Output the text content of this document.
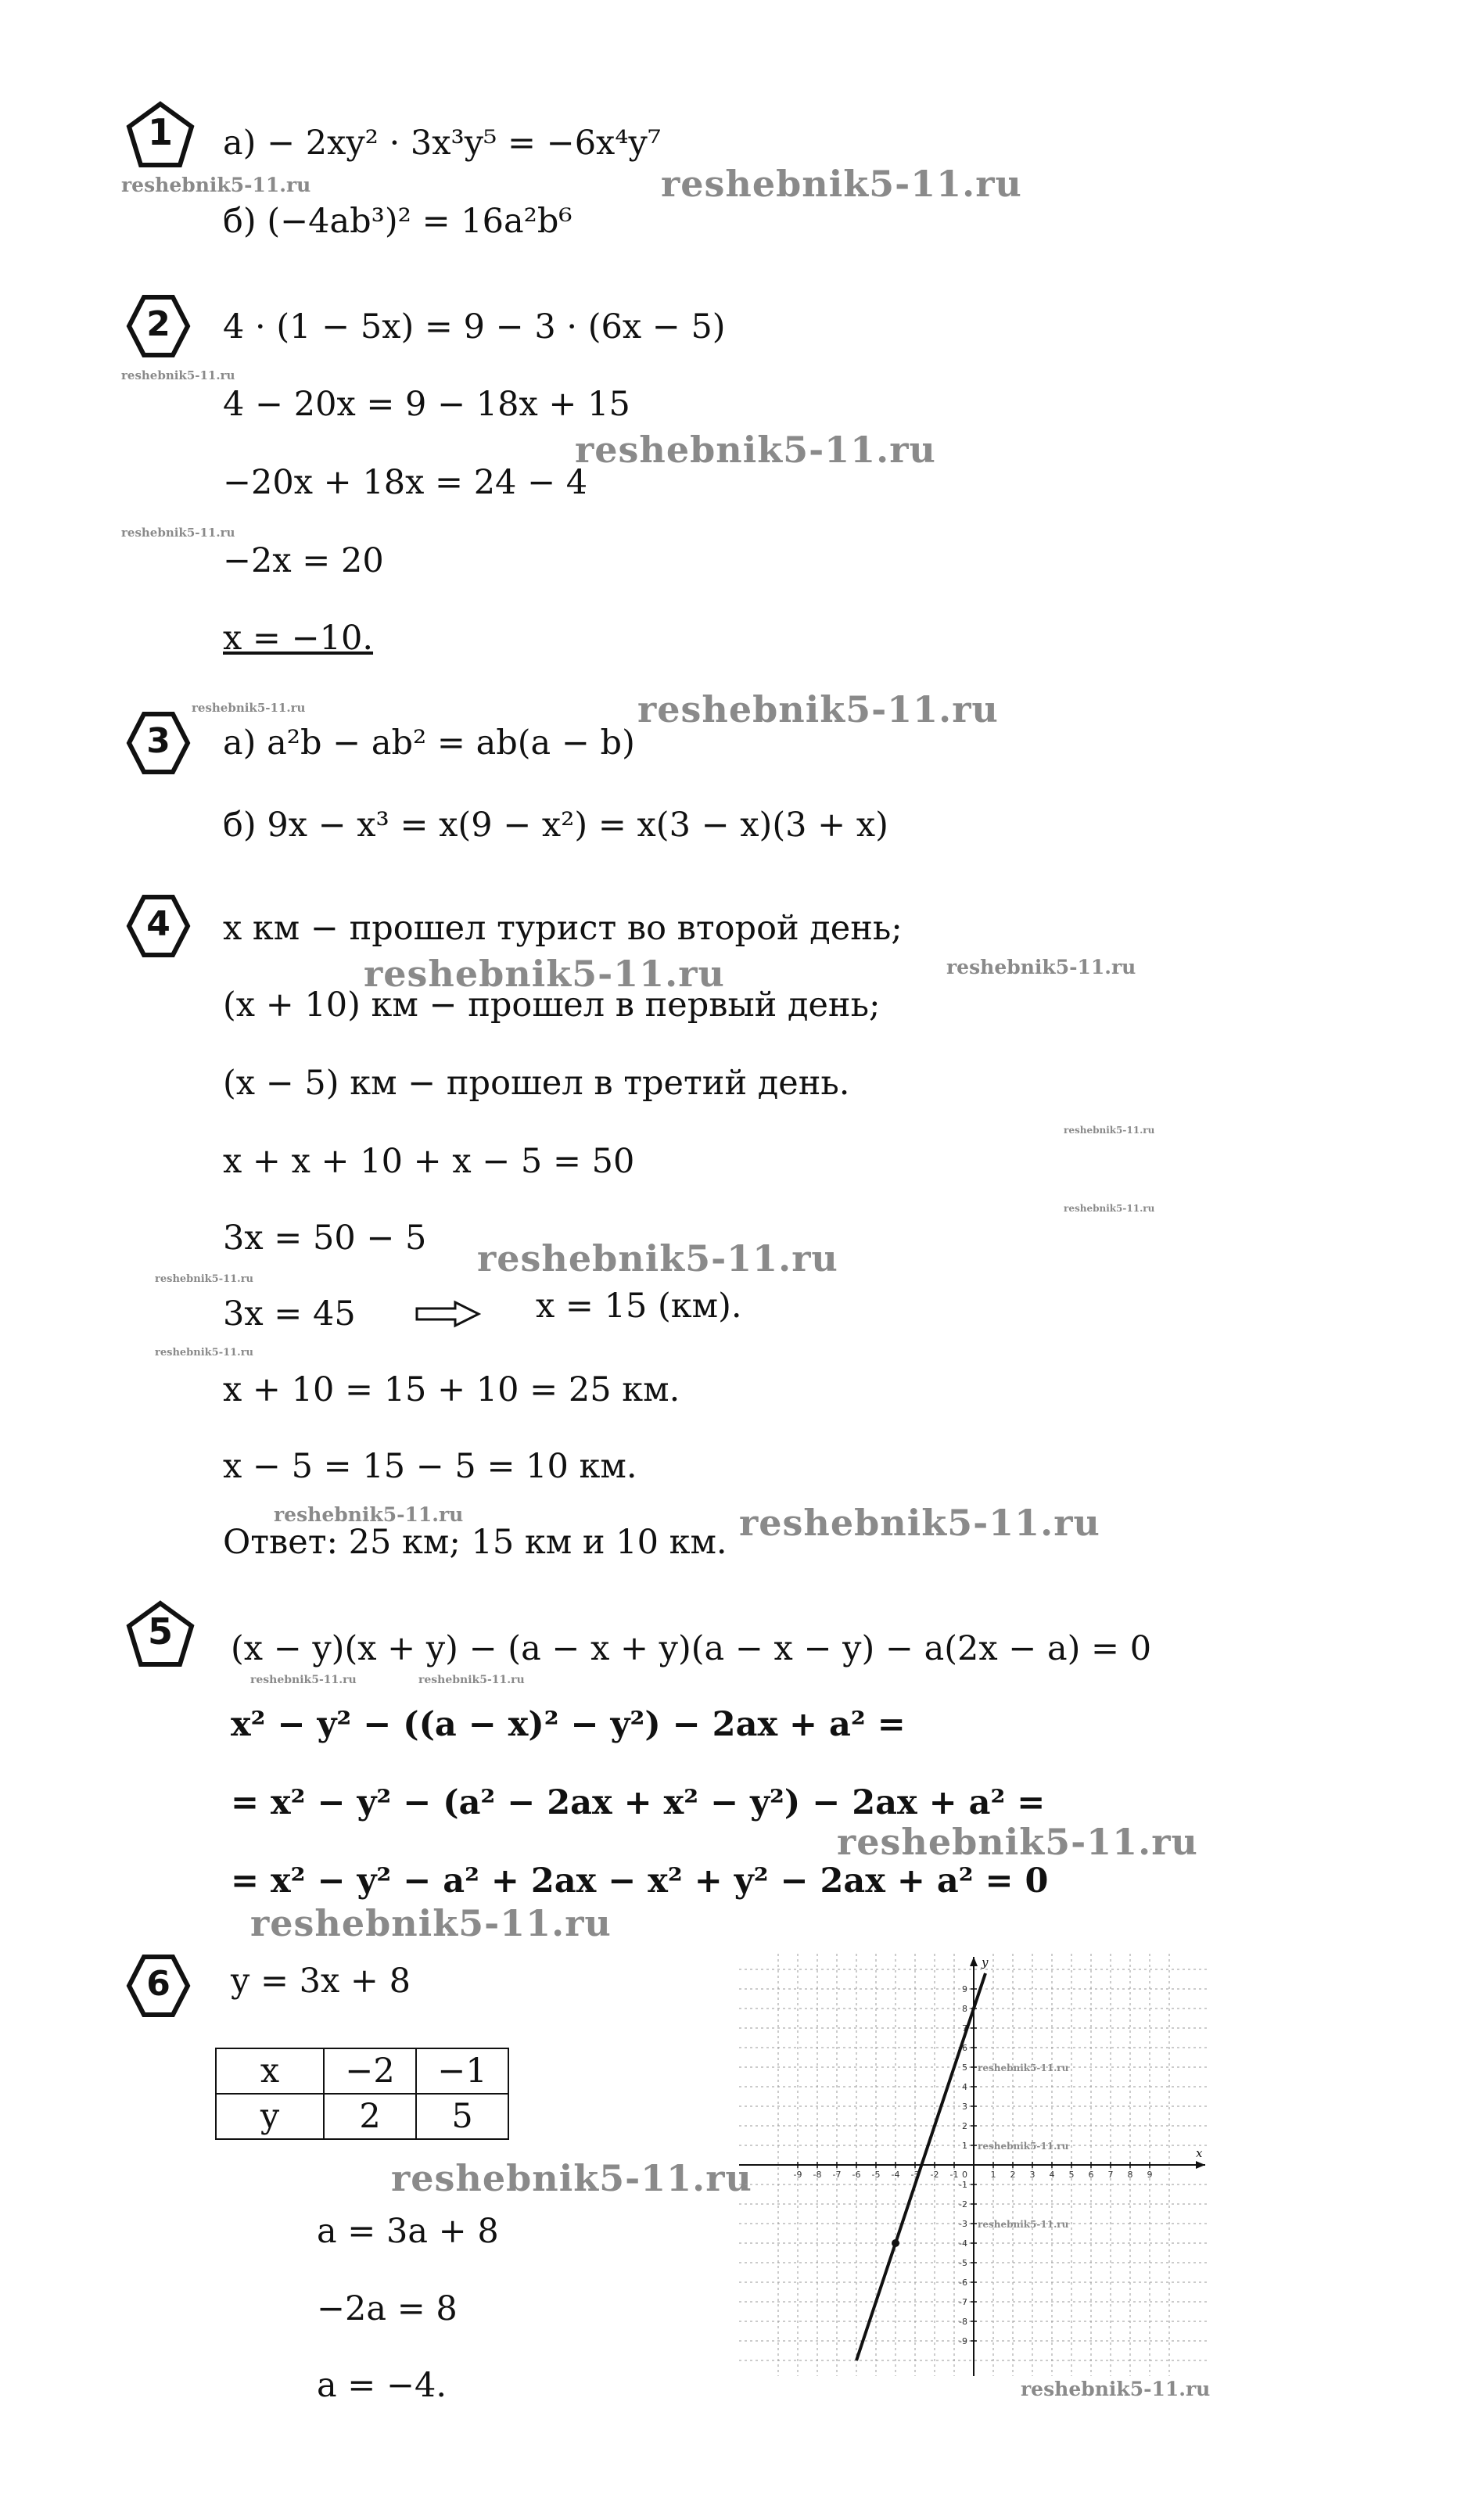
reshebnik5-11.ru	reshebnik5-11.ru
reshebnik5-11.ru
reshebnik5-11.ru
reshebnik5-11.ru
reshebnik5-11.ru	reshebnik5-11.ru
reshebnik5-11.ru	reshebnik5-11.ru
reshebnik5-11.ru
reshebnik5-11.ru
reshebnik5-11.ru
reshebnik5-11.ru
reshebnik5-11.ru
reshebnik5-11.ru	reshebnik5-11.ru
reshebnik5-11.ru	reshebnik5-11.ru
reshebnik5-11.ru
reshebnik5-11.ru
reshebnik5-11.ru
reshebnik5-11.ru
1	а) − 2xy² · 3x³y⁵ = −6x⁴y⁷
б) (−4ab³)² = 16a²b⁶
2	4 · (1 − 5x) = 9 − 3 · (6x − 5)
4 − 20x = 9 − 18x + 15
−20x + 18x = 24 − 4
−2x = 20
x = −10.
3	а) a²b − ab² = ab(a − b)
б) 9x − x³ = x(9 − x²) = x(3 − x)(3 + x)
4	x км − прошел турист во второй день;
(x + 10) км − прошел в первый день;
(x − 5) км − прошел в третий день.
x + x + 10 + x − 5 = 50
3x = 50 − 5
3x = 45	x = 15 (км).
x + 10 = 15 + 10 = 25 км.
x − 5 = 15 − 5 = 10 км.
Ответ: 25 км; 15 км и 10 км.
5	(x − y)(x + y) − (a − x + y)(a − x − y) − a(2x − a) = 0
x² − y² − ((a − x)² − y²) − 2ax + a² =
= x² − y² − (a² − 2ax + x² − y²) − 2ax + a² =
= x² − y² − a² + 2ax − x² + y² − 2ax + a² = 0
6	y = 3x + 8
x	−2	−1
y	2	5
a = 3a + 8
−2a = 8
a = −4.
-9 -8 -7 -6 -5 -4 -3 -2 -1	1 2 3 4 5 6 7 8 9
-9
-8
-7
-6
-5
-4
-3
-2
-1
1
2
3
4
5
6
7
8
9
0
x
y
reshebnik5-11.ru
reshebnik5-11.ru
reshebnik5-11.ru
